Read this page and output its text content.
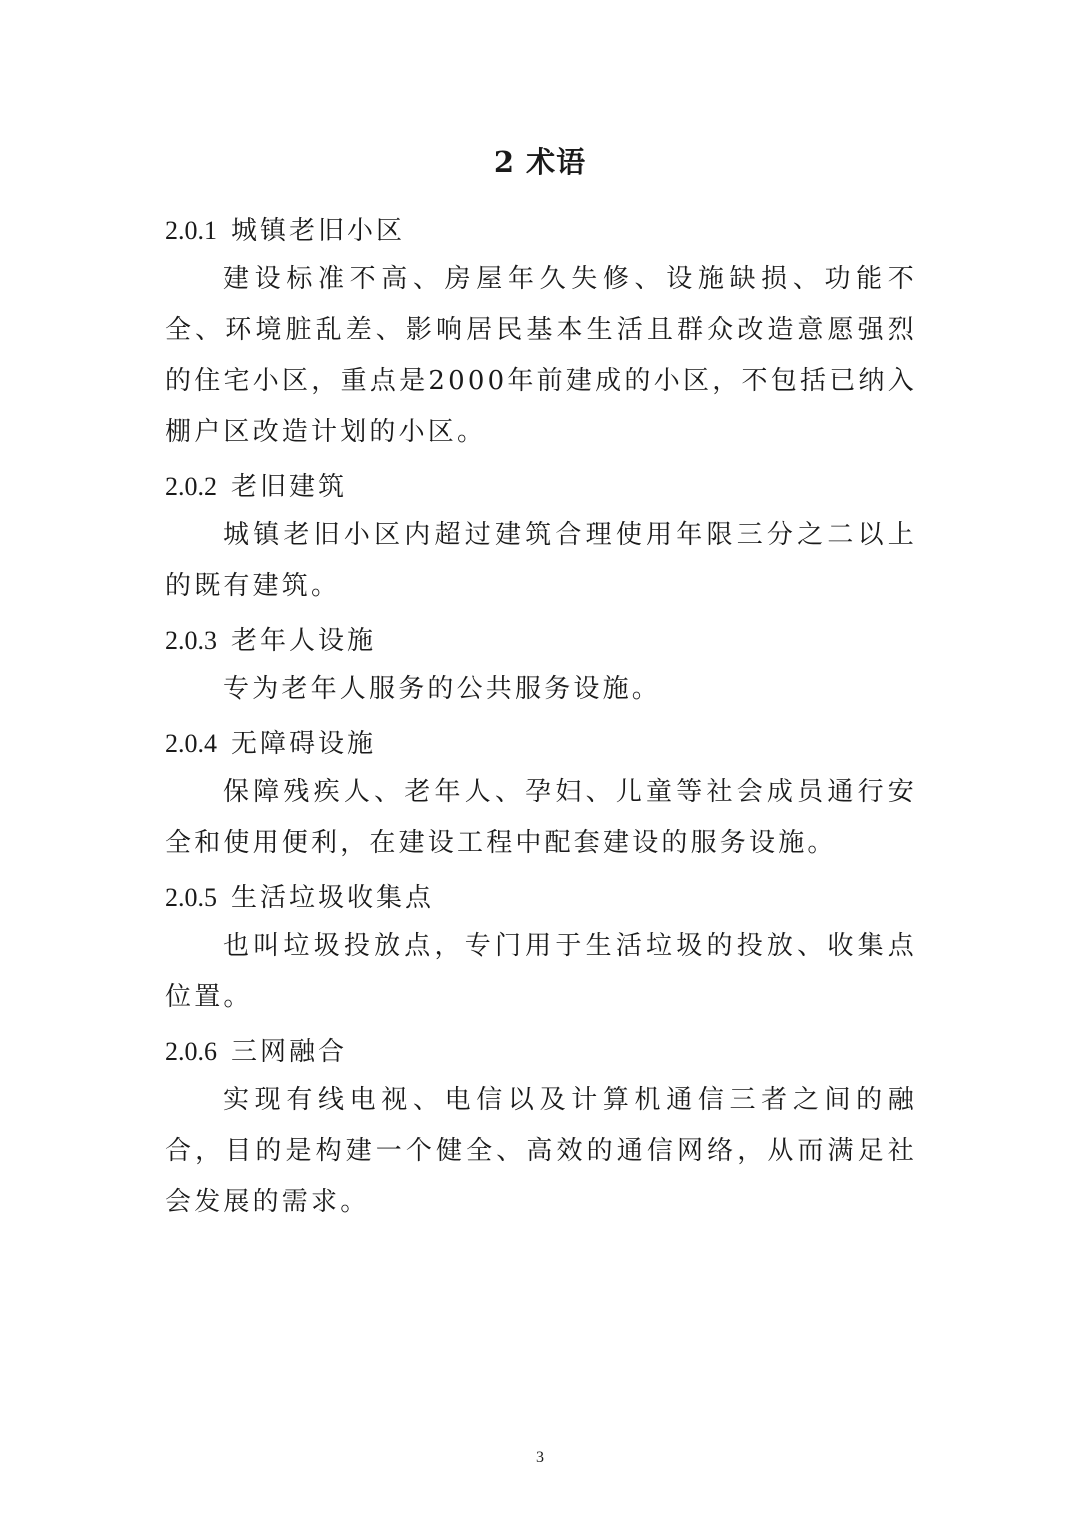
2 术语
2.0.1 城镇老旧小区

建设标准不高、房屋年久失修、设施缺损、功能不全、环境脏乱差、影响居民基本生活且群众改造意愿强烈的住宅小区，重点是2000年前建成的小区，不包括已纳入棚户区改造计划的小区。

2.0.2 老旧建筑

城镇老旧小区内超过建筑合理使用年限三分之二以上的既有建筑。

2.0.3 老年人设施

专为老年人服务的公共服务设施。

2.0.4 无障碍设施

保障残疾人、老年人、孕妇、儿童等社会成员通行安全和使用便利，在建设工程中配套建设的服务设施。

2.0.5 生活垃圾收集点

也叫垃圾投放点，专门用于生活垃圾的投放、收集点位置。

2.0.6 三网融合

实现有线电视、电信以及计算机通信三者之间的融合，目的是构建一个健全、高效的通信网络，从而满足社会发展的需求。

3
